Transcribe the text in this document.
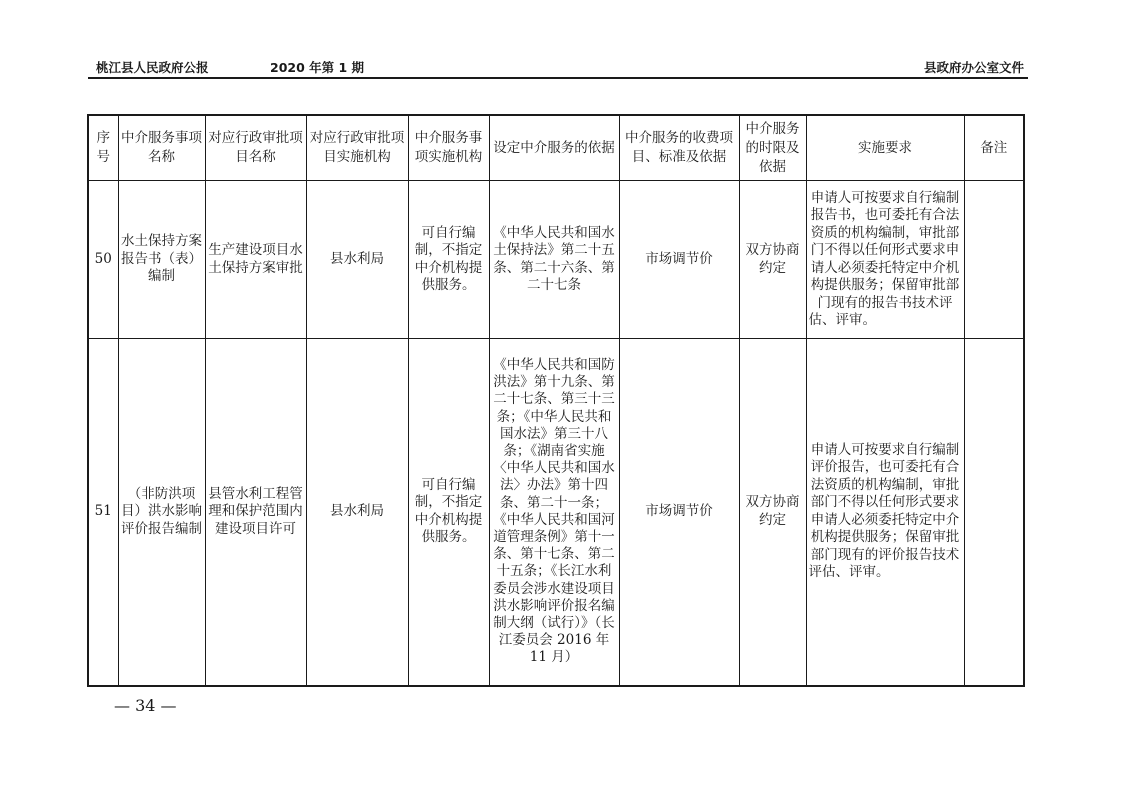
桃江县人民政府公报	2020 年第 1 期	县政府办公室文件
序号	中介服务事项名称	对应行政审批项目名称	对应行政审批项目实施机构	中介服务事项实施机构	设定中介服务的依据	中介服务的收费项目、标准及依据	中介服务的时限及依据	实施要求	备注
50	水土保持方案报告书（表）编制	生产建设项目水土保持方案审批	县水利局	可自行编制，不指定中介机构提供服务。	《中华人民共和国水土保持法》第二十五条、第二十六条、第二十七条	市场调节价	双方协商约定	申请人可按要求自行编制报告书，也可委托有合法资质的机构编制，审批部门不得以任何形式要求申请人必须委托特定中介机构提供服务；保留审批部门现有的报告书技术评估、评审。	
51	（非防洪项目）洪水影响评价报告编制	县管水利工程管理和保护范围内建设项目许可	县水利局	可自行编制，不指定中介机构提供服务。	《中华人民共和国防洪法》第十九条、第二十七条、第三十三条；《中华人民共和国水法》第三十八条；《湖南省实施〈中华人民共和国水法〉办法》第十四条、第二十一条；《中华人民共和国河道管理条例》第十一条、第十七条、第二十五条；《长江水利委员会涉水建设项目洪水影响评价报名编制大纲（试行）》（长江委员会 2016 年 11 月）	市场调节价	双方协商约定	申请人可按要求自行编制评价报告，也可委托有合法资质的机构编制，审批部门不得以任何形式要求申请人必须委托特定中介机构提供服务；保留审批部门现有的评价报告技术评估、评审。	
— 34 —
